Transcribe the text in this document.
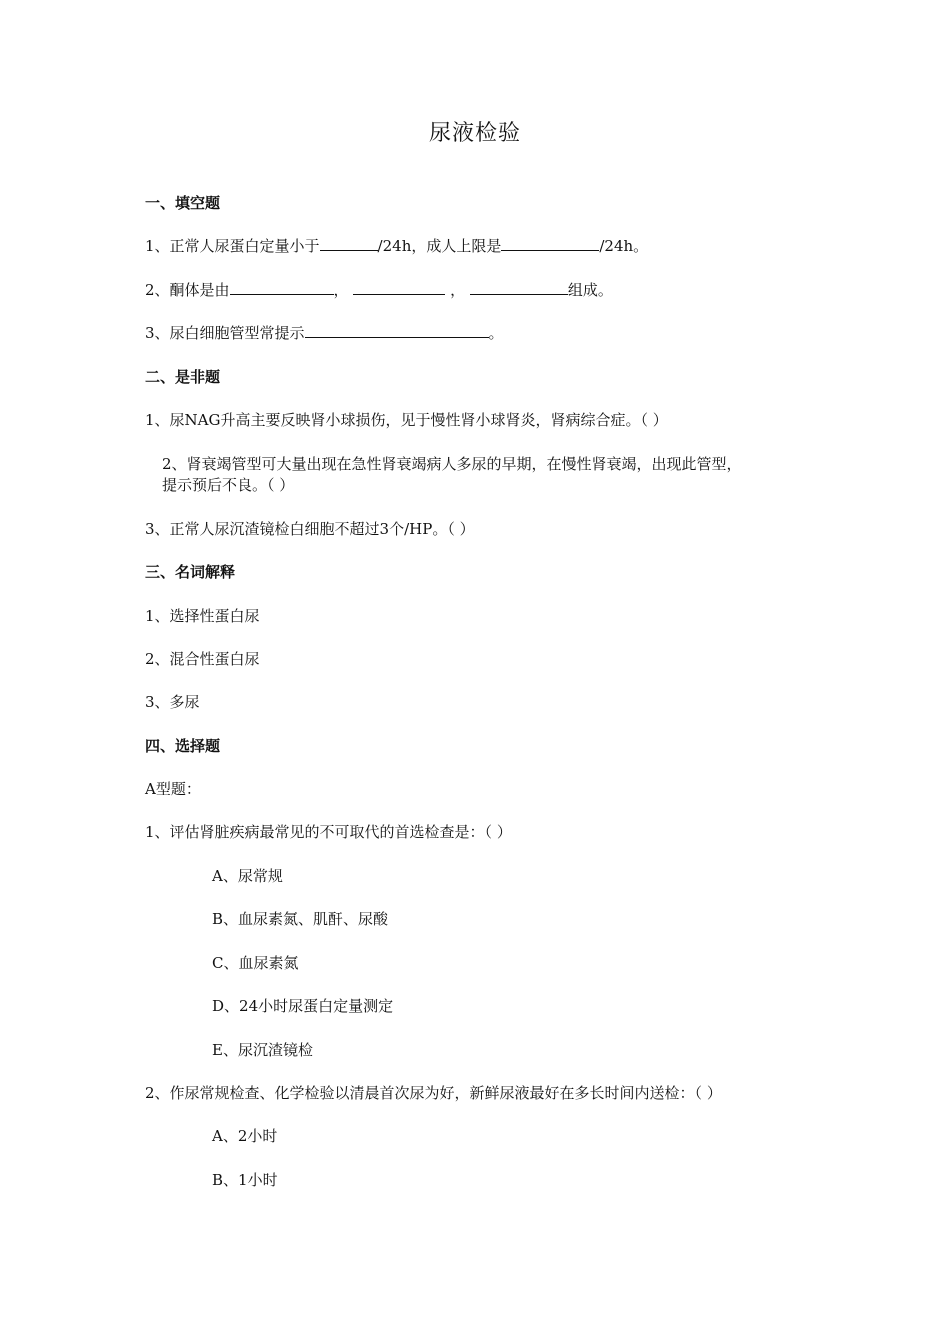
尿液检验
一、填空题
1、正常人尿蛋白定量小于	/24h，成人上限是	/24h。
2、酮体是由	，	，	组成。
3、尿白细胞管型常提示	。
二、是非题
1、尿NAG升高主要反映肾小球损伤，见于慢性肾小球肾炎，肾病综合症。（ ）
2、肾衰竭管型可大量出现在急性肾衰竭病人多尿的早期，在慢性肾衰竭，出现此管型，
提示预后不良。（ ）
3、正常人尿沉渣镜检白细胞不超过3个/HP。（ ）
三、名词解释
1、选择性蛋白尿
2、混合性蛋白尿
3、多尿
四、选择题
A型题：
1、评估肾脏疾病最常见的不可取代的首选检查是：（ ）
A、尿常规
B、血尿素氮、肌酐、尿酸
C、血尿素氮
D、24小时尿蛋白定量测定
E、尿沉渣镜检
2、作尿常规检查、化学检验以清晨首次尿为好，新鲜尿液最好在多长时间内送检：（ ）
A、2小时
B、1小时
